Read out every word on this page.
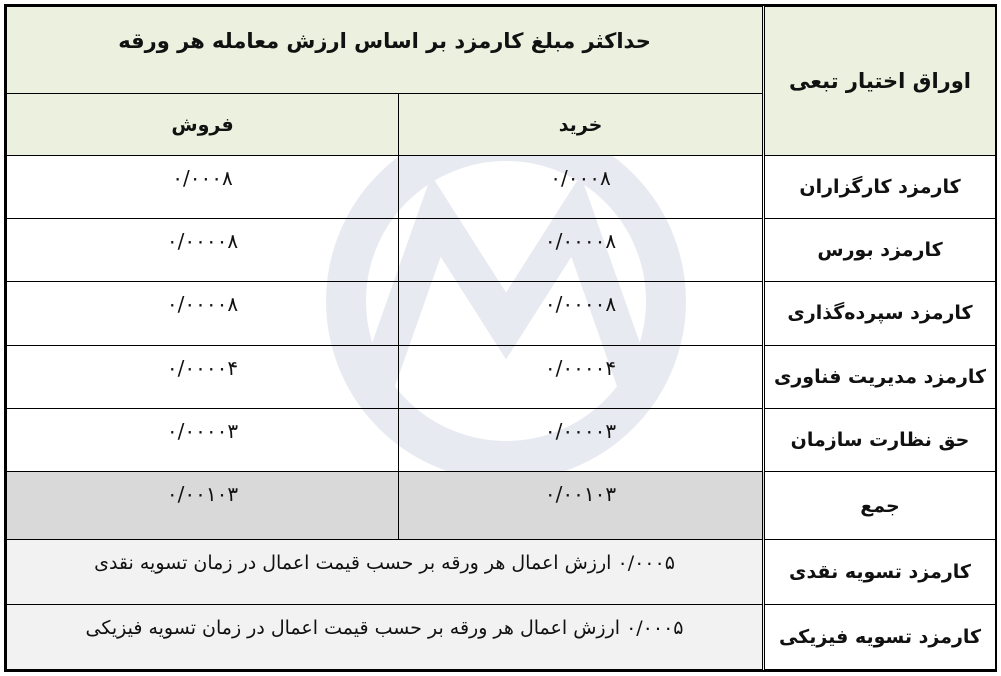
اوراق اختیار تبعی	حداکثر مبلغ کارمزد بر اساس ارزش معامله هر ورقه	
	خرید	فروش
کارمزد کارگزاران	۰/۰۰۰۸	۰/۰۰۰۸
کارمزد بورس	۰/۰۰۰۰۸	۰/۰۰۰۰۸
کارمزد سپرده‌گذاری	۰/۰۰۰۰۸	۰/۰۰۰۰۸
کارمزد مدیریت فناوری	۰/۰۰۰۰۴	۰/۰۰۰۰۴
حق نظارت سازمان	۰/۰۰۰۰۳	۰/۰۰۰۰۳
جمع	۰/۰۰۱۰۳	۰/۰۰۱۰۳
کارمزد تسویه نقدی	۰/۰۰۰۵ ارزش اعمال هر ورقه بر حسب قیمت اعمال در زمان تسویه نقدی	
کارمزد تسویه فیزیکی	۰/۰۰۰۵ ارزش اعمال هر ورقه بر حسب قیمت اعمال در زمان تسویه فیزیکی	
